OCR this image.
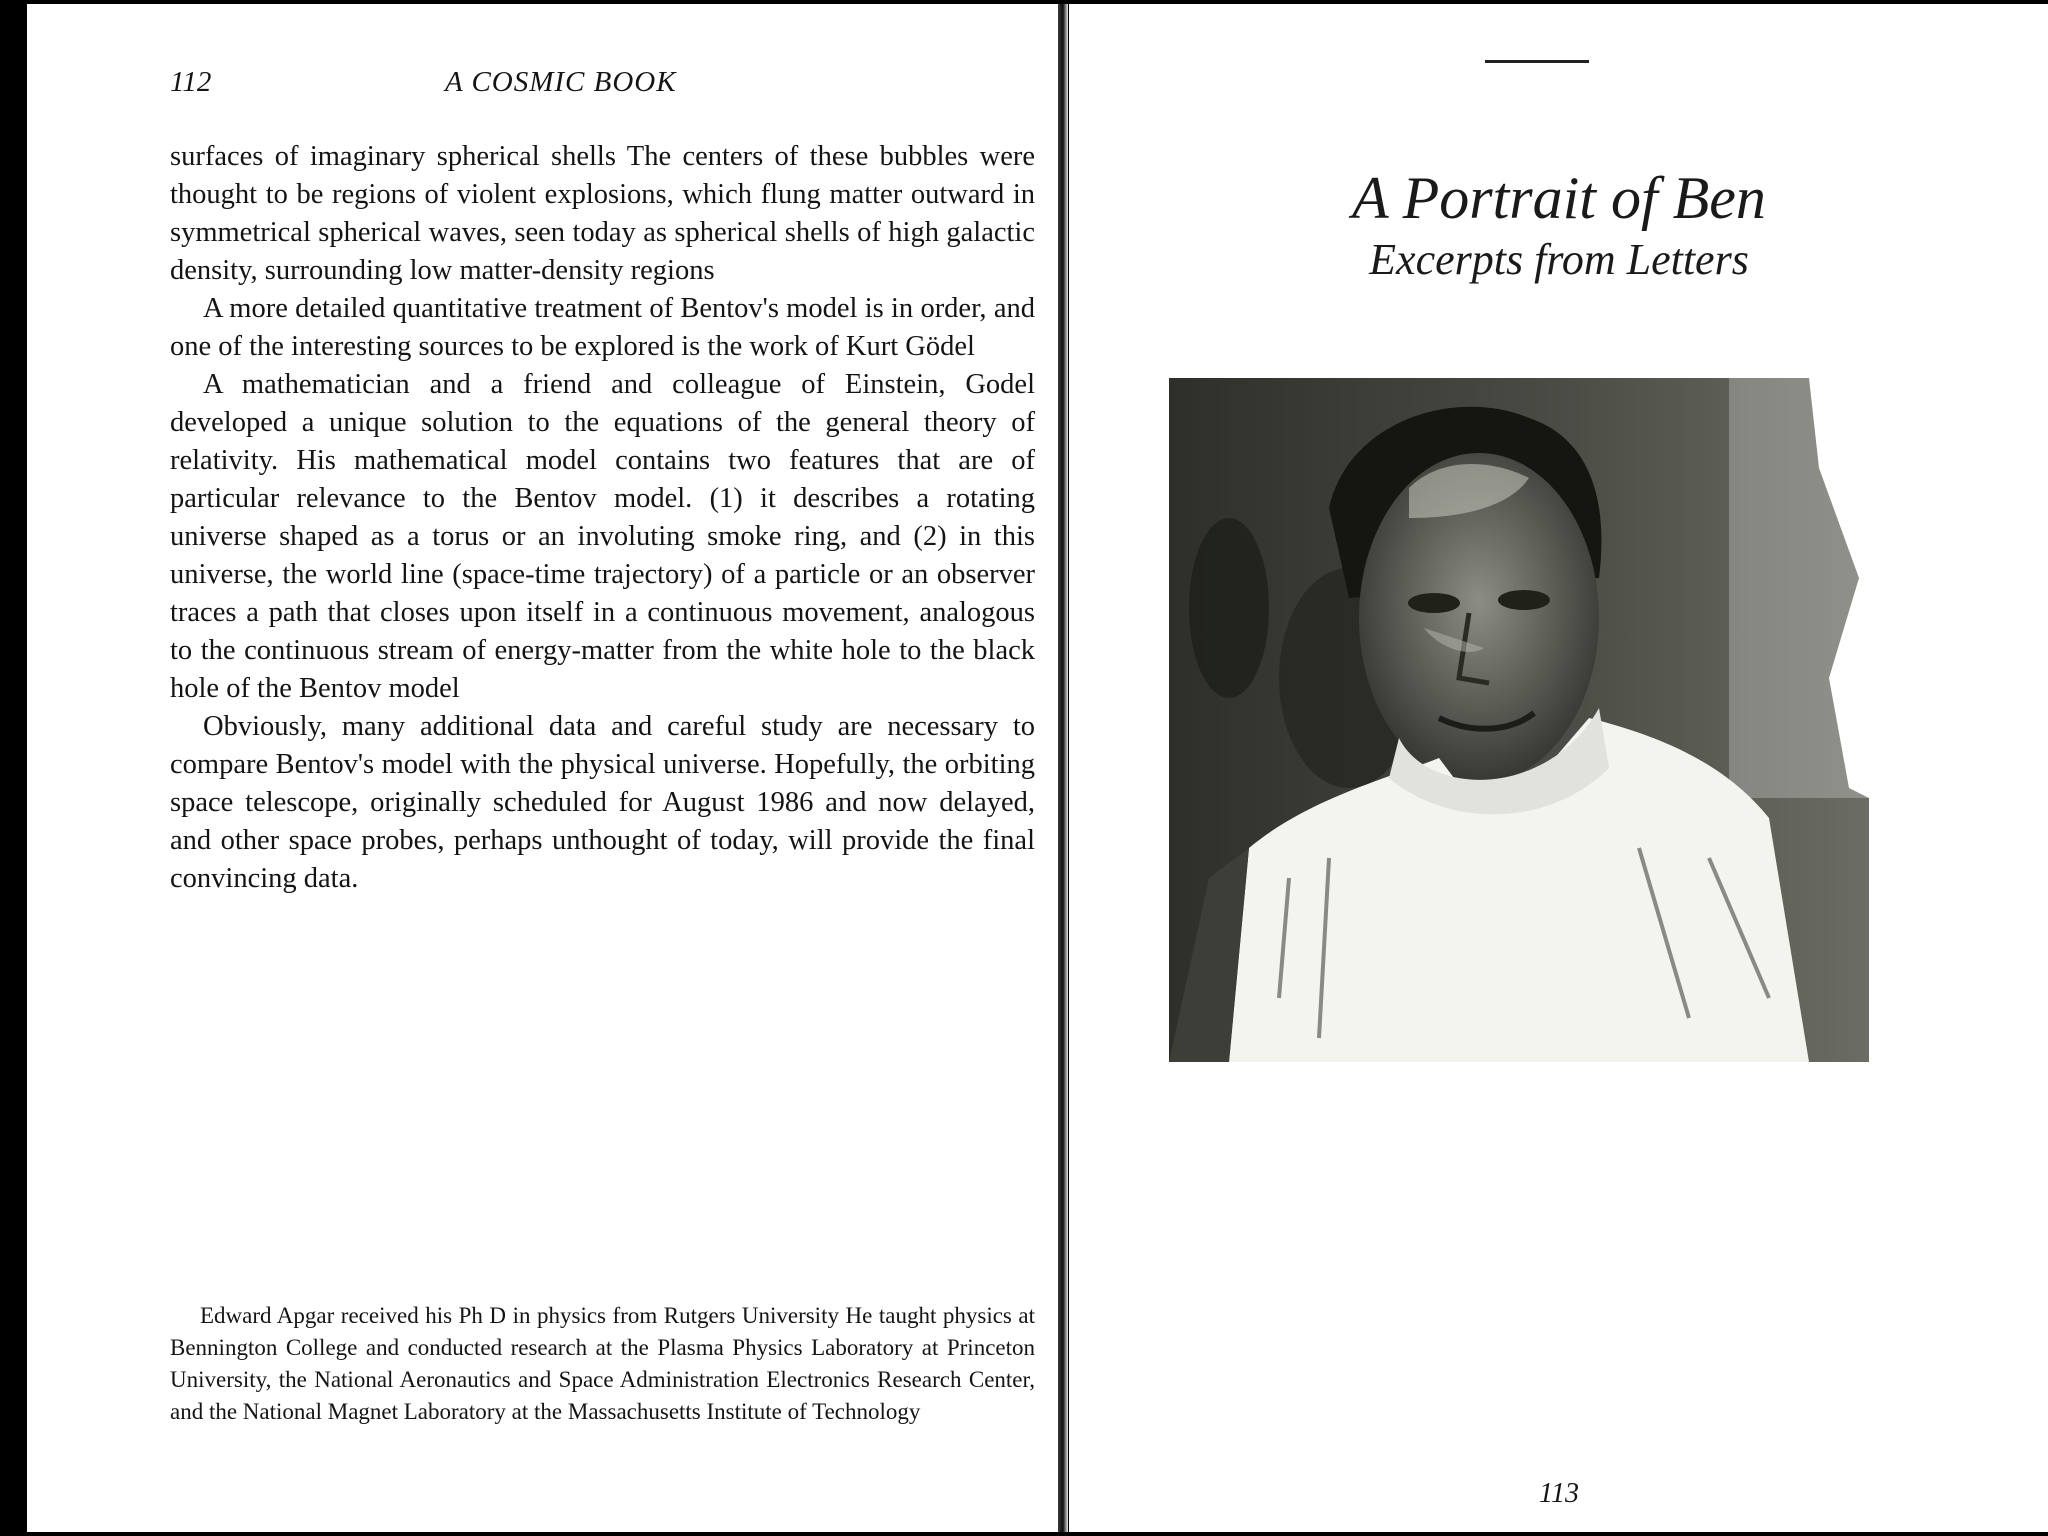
112	A COSMIC BOOK

surfaces of imaginary spherical shells The centers of these bubbles were thought to be regions of violent explosions, which flung matter outward in symmetrical spherical waves, seen today as spherical shells of high galactic density, surrounding low matter-density regions

A more detailed quantitative treatment of Bentov's model is in order, and one of the interesting sources to be explored is the work of Kurt Gödel

A mathematician and a friend and colleague of Einstein, Godel developed a unique solution to the equations of the general theory of relativity. His mathematical model contains two features that are of particular relevance to the Bentov model. (1) it describes a rotating universe shaped as a torus or an involuting smoke ring, and (2) in this universe, the world line (space-time trajectory) of a particle or an observer traces a path that closes upon itself in a continuous movement, analogous to the continuous stream of energy-matter from the white hole to the black hole of the Bentov model

Obviously, many additional data and careful study are necessary to compare Bentov's model with the physical universe. Hopefully, the orbiting space telescope, originally scheduled for August 1986 and now delayed, and other space probes, perhaps unthought of today, will provide the final convincing data.

Edward Apgar received his Ph D in physics from Rutgers University He taught physics at Bennington College and conducted research at the Plasma Physics Laboratory at Princeton University, the National Aeronautics and Space Administration Electronics Research Center, and the National Magnet Laboratory at the Massachusetts Institute of Technology
A Portrait of Ben
Excerpts from Letters
113
